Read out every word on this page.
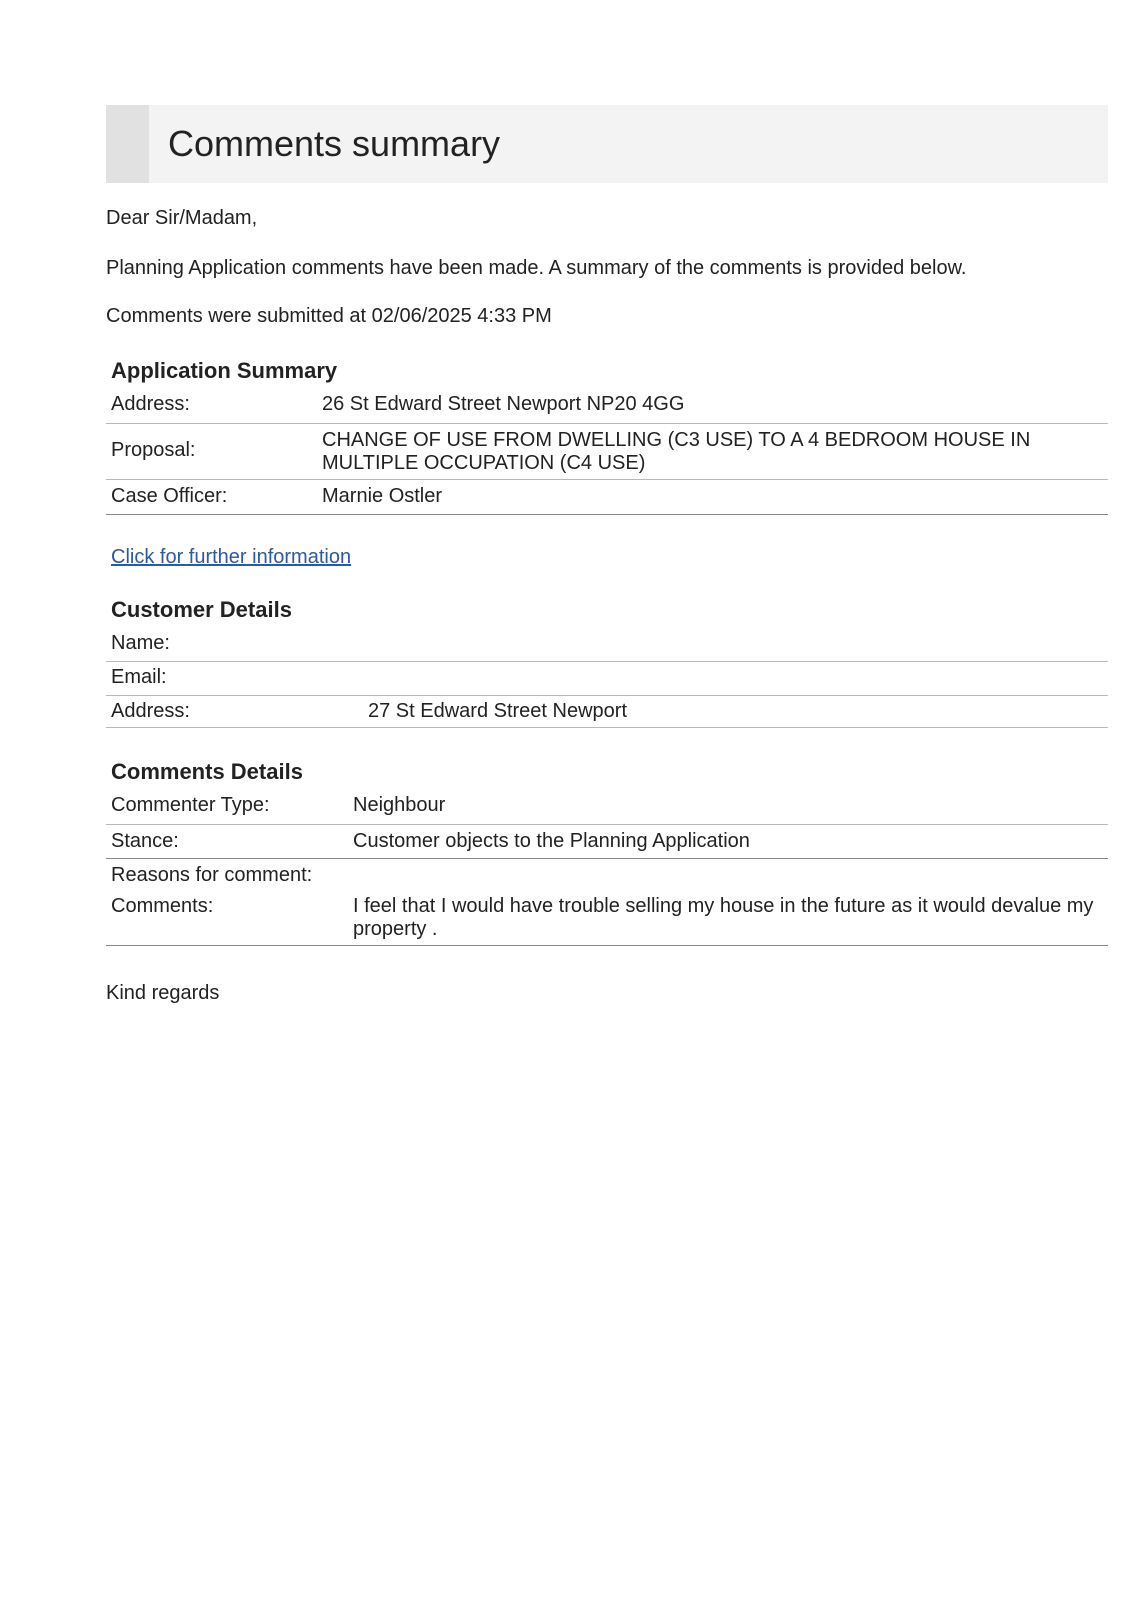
Comments summary

Dear Sir/Madam,

Planning Application comments have been made. A summary of the comments is provided below.

Comments were submitted at 02/06/2025 4:33 PM

Application Summary
Address:	26 St Edward Street Newport NP20 4GG
Proposal:	CHANGE OF USE FROM DWELLING (C3 USE) TO A 4 BEDROOM HOUSE IN MULTIPLE OCCUPATION (C4 USE)
Case Officer:	Marnie Ostler
Click for further information
Customer Details
Name:
Email:
Address:	27 St Edward Street Newport
Comments Details
Commenter Type:	Neighbour
Stance:	Customer objects to the Planning Application
Reasons for comment:
Comments:	I feel that I would have trouble selling my house in the future as it would devalue my property .

Kind regards
